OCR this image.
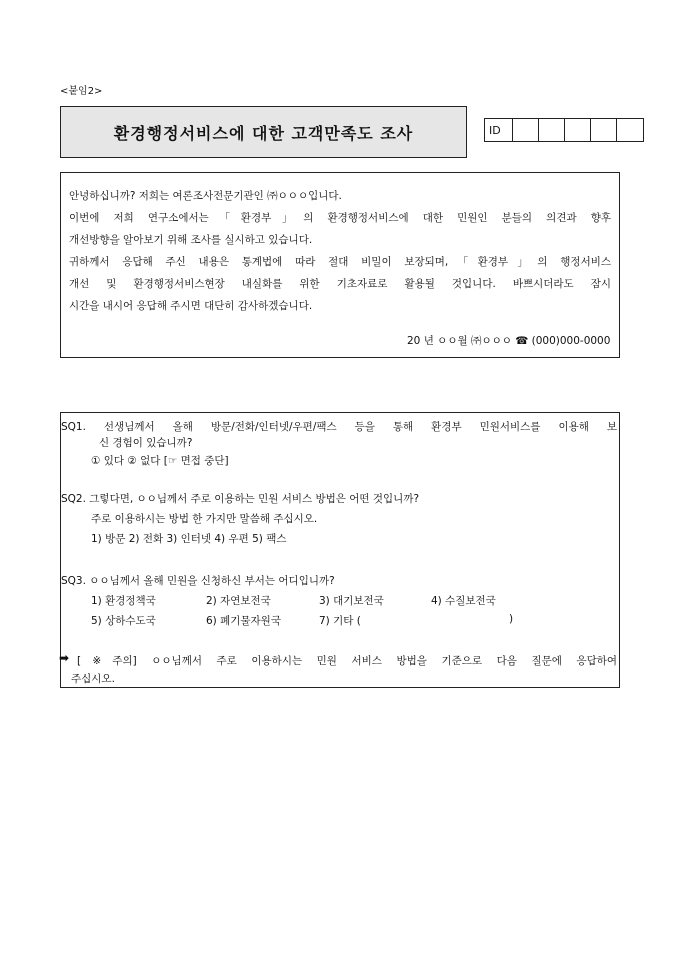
<붙임2>
환경행정서비스에 대한 고객만족도 조사	ID

안녕하십니까? 저희는 여론조사전문기관인 ㈜ㅇㅇㅇ입니다.

이번에 저희 연구소에서는「환경부」의 환경행정서비스에 대한 민원인 분들의 의견과 향후

개선방향을 알아보기 위해 조사를 실시하고 있습니다.

귀하께서 응답해 주신 내용은 통계법에 따라 절대 비밀이 보장되며,「환경부」의 행정서비스

개선 및 환경행정서비스현장 내실화를 위한 기초자료로 활용될 것입니다. 바쁘시더라도 잠시

시간을 내시어 응답해 주시면 대단히 감사하겠습니다.

20 년 ㅇㅇ월 ㈜ㅇㅇㅇ ☎ (000)000-0000
SQ1. 선생님께서 올해 방문/전화/인터넷/우편/팩스 등을 통해 환경부 민원서비스를 이용해 보
신 경험이 있습니까?
① 있다 ② 없다 [☞ 면접 중단]
SQ2. 그렇다면, ㅇㅇ님께서 주로 이용하는 민원 서비스 방법은 어떤 것입니까?
주로 이용하시는 방법 한 가지만 말씀해 주십시오.
1) 방문 2) 전화 3) 인터넷 4) 우편 5) 팩스
SQ3. ㅇㅇ님께서 올해 민원을 신청하신 부서는 어디입니까?
1) 환경정책국	2) 자연보전국	3) 대기보전국	4) 수질보전국
5) 상하수도국	6) 폐기물자원국	7) 기타 (	)
➡ [※주의] ㅇㅇ님께서 주로 이용하시는 민원 서비스 방법을 기준으로 다음 질문에 응답하여
주십시오.
